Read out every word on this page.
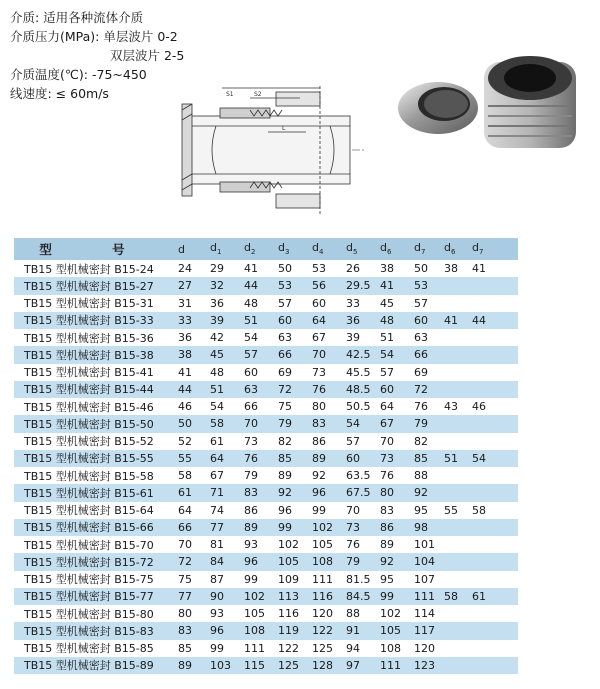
介质: 适用各种流体介质
介质压力(MPa): 单层波片 0-2
双层波片 2-5
介质温度(℃): -75~450
线速度: ≤ 60m/s	S1	S2
L
型 号	d	$d_1$	$d_2$	$d_3$	$d_4$	$d_5$	$d_6$	$d_7$	$d_6$	$d_7$
TB15 型机械密封 B15-24	24	29	41	50	53	26	38	50	38	41
TB15 型机械密封 B15-27	27	32	44	53	56	29.5	41	53		
TB15 型机械密封 B15-31	31	36	48	57	60	33	45	57		
TB15 型机械密封 B15-33	33	39	51	60	64	36	48	60	41	44
TB15 型机械密封 B15-36	36	42	54	63	67	39	51	63		
TB15 型机械密封 B15-38	38	45	57	66	70	42.5	54	66		
TB15 型机械密封 B15-41	41	48	60	69	73	45.5	57	69		
TB15 型机械密封 B15-44	44	51	63	72	76	48.5	60	72		
TB15 型机械密封 B15-46	46	54	66	75	80	50.5	64	76	43	46
TB15 型机械密封 B15-50	50	58	70	79	83	54	67	79		
TB15 型机械密封 B15-52	52	61	73	82	86	57	70	82		
TB15 型机械密封 B15-55	55	64	76	85	89	60	73	85	51	54
TB15 型机械密封 B15-58	58	67	79	89	92	63.5	76	88		
TB15 型机械密封 B15-61	61	71	83	92	96	67.5	80	92		
TB15 型机械密封 B15-64	64	74	86	96	99	70	83	95	55	58
TB15 型机械密封 B15-66	66	77	89	99	102	73	86	98		
TB15 型机械密封 B15-70	70	81	93	102	105	76	89	101		
TB15 型机械密封 B15-72	72	84	96	105	108	79	92	104		
TB15 型机械密封 B15-75	75	87	99	109	111	81.5	95	107		
TB15 型机械密封 B15-77	77	90	102	113	116	84.5	99	111	58	61
TB15 型机械密封 B15-80	80	93	105	116	120	88	102	114		
TB15 型机械密封 B15-83	83	96	108	119	122	91	105	117		
TB15 型机械密封 B15-85	85	99	111	122	125	94	108	120		
TB15 型机械密封 B15-89	89	103	115	125	128	97	111	123		
